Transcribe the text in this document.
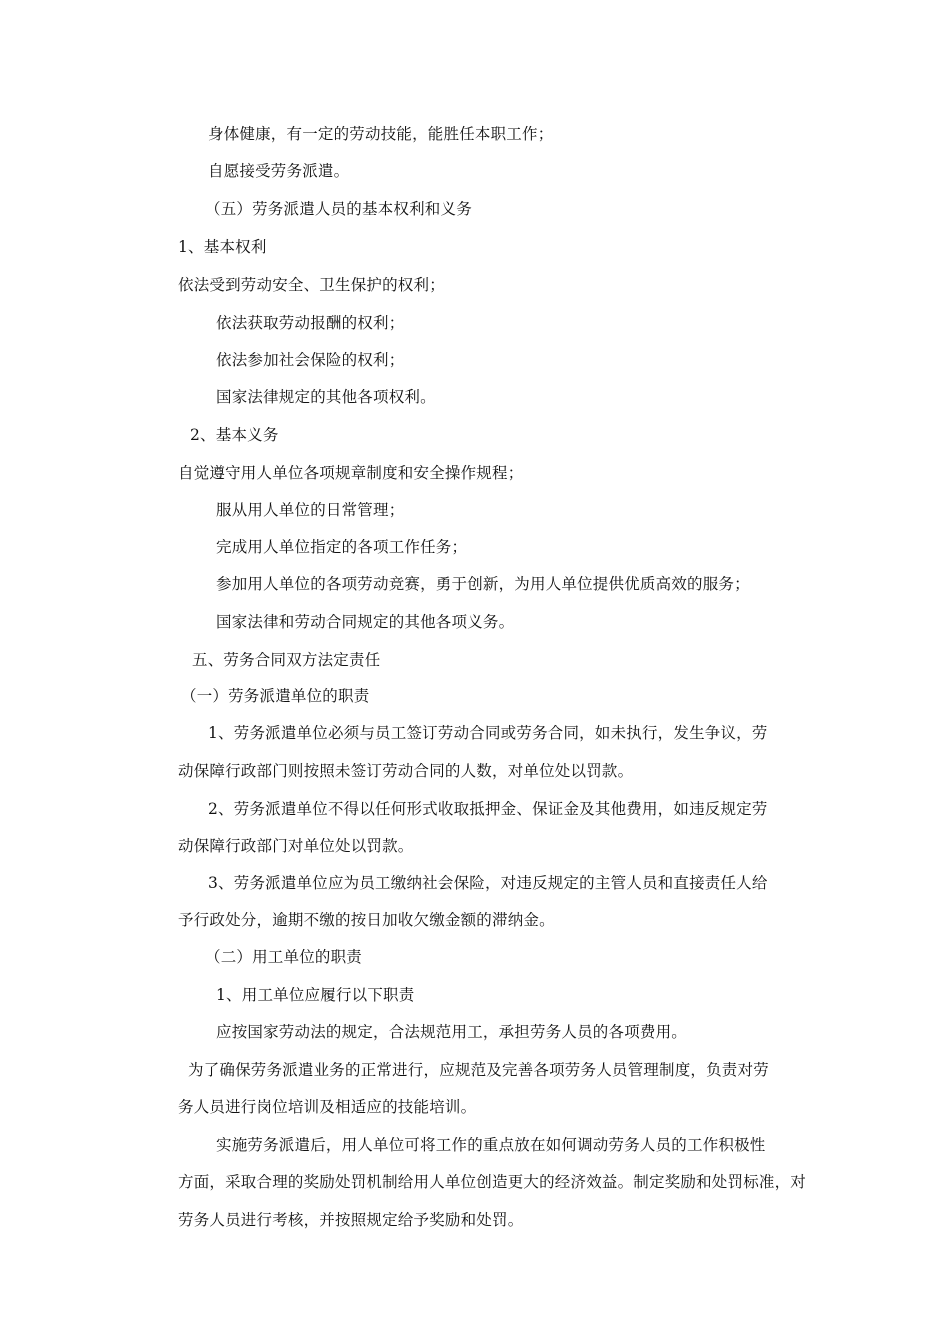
身体健康，有一定的劳动技能，能胜任本职工作；
自愿接受劳务派遣。
（五）劳务派遣人员的基本权利和义务
1、基本权利
依法受到劳动安全、卫生保护的权利；
依法获取劳动报酬的权利；
依法参加社会保险的权利；
国家法律规定的其他各项权利。
2、基本义务
自觉遵守用人单位各项规章制度和安全操作规程；
服从用人单位的日常管理；
完成用人单位指定的各项工作任务；
参加用人单位的各项劳动竞赛，勇于创新，为用人单位提供优质高效的服务；
国家法律和劳动合同规定的其他各项义务。
五、劳务合同双方法定责任
（一）劳务派遣单位的职责
1、劳务派遣单位必须与员工签订劳动合同或劳务合同，如未执行，发生争议，劳
动保障行政部门则按照未签订劳动合同的人数，对单位处以罚款。
2、劳务派遣单位不得以任何形式收取抵押金、保证金及其他费用，如违反规定劳
动保障行政部门对单位处以罚款。
3、劳务派遣单位应为员工缴纳社会保险，对违反规定的主管人员和直接责任人给
予行政处分，逾期不缴的按日加收欠缴金额的滞纳金。
（二）用工单位的职责
1、用工单位应履行以下职责
应按国家劳动法的规定，合法规范用工，承担劳务人员的各项费用。
为了确保劳务派遣业务的正常进行，应规范及完善各项劳务人员管理制度，负责对劳
务人员进行岗位培训及相适应的技能培训。
实施劳务派遣后，用人单位可将工作的重点放在如何调动劳务人员的工作积极性
方面，采取合理的奖励处罚机制给用人单位创造更大的经济效益。制定奖励和处罚标准，对
劳务人员进行考核，并按照规定给予奖励和处罚。
